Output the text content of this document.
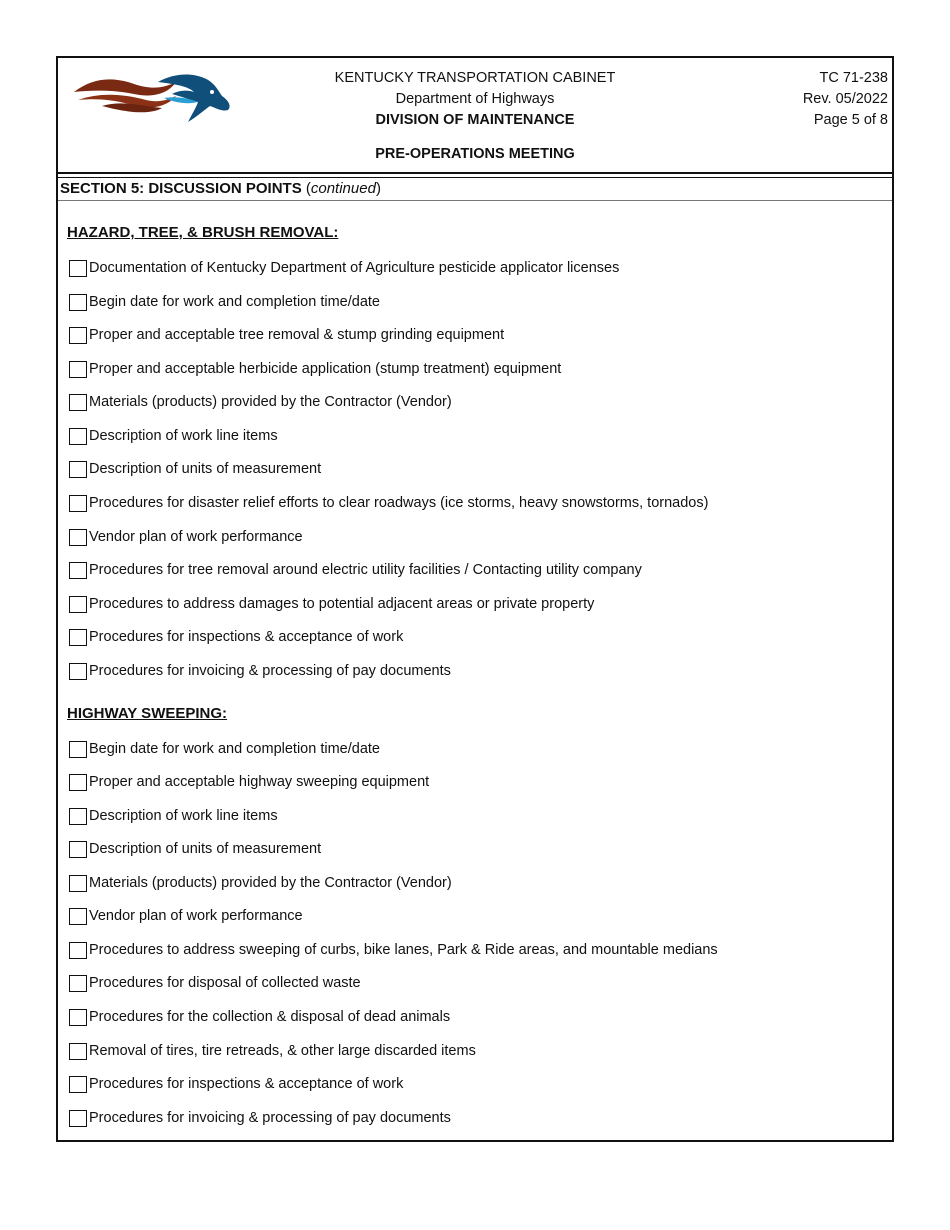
KENTUCKY TRANSPORTATION CABINET
Department of Highways
DIVISION OF MAINTENANCE
TC 71-238
Rev. 05/2022
Page 5 of 8
PRE-OPERATIONS MEETING
SECTION 5: DISCUSSION POINTS (continued)
HAZARD, TREE, & BRUSH REMOVAL:
Documentation of Kentucky Department of Agriculture pesticide applicator licenses
Begin date for work and completion time/date
Proper and acceptable tree removal & stump grinding equipment
Proper and acceptable herbicide application (stump treatment) equipment
Materials (products) provided by the Contractor (Vendor)
Description of work line items
Description of units of measurement
Procedures for disaster relief efforts to clear roadways (ice storms, heavy snowstorms, tornados)
Vendor plan of work performance
Procedures for tree removal around electric utility facilities / Contacting utility company
Procedures to address damages to potential adjacent areas or private property
Procedures for inspections & acceptance of work
Procedures for invoicing & processing of pay documents
HIGHWAY SWEEPING:
Begin date for work and completion time/date
Proper and acceptable highway sweeping equipment
Description of work line items
Description of units of measurement
Materials (products) provided by the Contractor (Vendor)
Vendor plan of work performance
Procedures to address sweeping of curbs, bike lanes, Park & Ride areas, and mountable medians
Procedures for disposal of collected waste
Procedures for the collection & disposal of dead animals
Removal of tires, tire retreads, & other large discarded items
Procedures for inspections & acceptance of work
Procedures for invoicing & processing of pay documents
